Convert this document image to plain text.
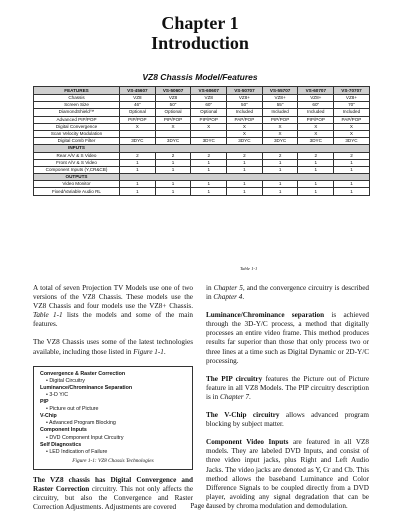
Chapter 1
Introduction
VZ8 Chassis Model/Features
FEATURES	VS-45607	VS-50607	VS-60607	VS-50707	VS-55707	VS-60707	VS-70707
Chassis	VZ8	VZ8	VZ8	VZ8+	VZ8+	VZ8+	VZ8+
Screen Size	46"	50"	60"	50"	55"	60"	70"
DiamondShield™	Optional	Optional	Optional	Included	Included	Included	Included
Advanced PIP/POP	PIP/POP	PIP/POP	PIP/POP	PAP/POP	PIP/POP	PIP/POP	PAP/POP
Digital Convergence	X	X	X	X	X	X	X
Scan Velocity Modulation				X	X	X	X
Digital Comb Filter	3DYC	3DYC	3DYC	3DYC	3DYC	3DYC	3DYC
INPUTS							
Rear A/V & S Video	2	2	2	2	2	2	2
Front A/V & S Video	1	1	1	1	1	1	1
Component Inputs (Y,CR&CB)	1	1	1	1	1	1	1
OUTPUTS							
Video Monitor	1	1	1	1	1	1	1
Fixed/Variable Audio RL	1	1	1	1	1	1	1
Table 1-1

A total of seven Projection TV Models use one of two versions of the VZ8 Chassis. These models use the VZ8 Chassis and four models use the VZ8+ Chassis. Table 1-1 lists the models and some of the main features.

The VZ8 Chassis uses some of the latest technologies available, including those listed in Figure 1-1.

Convergence & Raster Correction
• Digital Circuitry
Luminance/Chrominance Separation
• 3-D Y/C
PIP
• Picture out of Picture
V-Chip
• Advanced Program Blocking
Component Inputs
• DVD Component Input Circuitry
Self Diagnostics
• LED Indication of Failure
Figure 1-1: VZ8 Chassis Technologies

The VZ8 chassis has Digital Convergence and Raster Correction circuitry. This not only affects the circuitry, but also the Convergence and Raster Correction Adjustments. Adjustments are covered

in Chapter 5, and the convergence circuitry is described in Chapter 4.

Luminance/Chrominance separation is achieved through the 3D-Y/C process, a method that digitally processes an entire video frame. This method produces results far superior than those that only process two or three lines at a time such as Digital Dynamic or 2D-Y/C processing.

The PIP circuitry features the Picture out of Picture feature in all VZ8 Models. The PIP circuitry description is in Chapter 7.

The V-Chip circuitry allows advanced program blocking by subject matter.

Component Video Inputs are featured in all VZ8 models. They are labeled DVD Inputs, and consist of three video input jacks, plus Right and Left Audio Jacks. The video jacks are denoted as Y, Cr and Cb. This method allows the baseband Luminance and Color Difference Signals to be coupled directly from a DVD player, avoiding any signal degradation that can be caused by chroma modulation and demodulation.

Page 1
